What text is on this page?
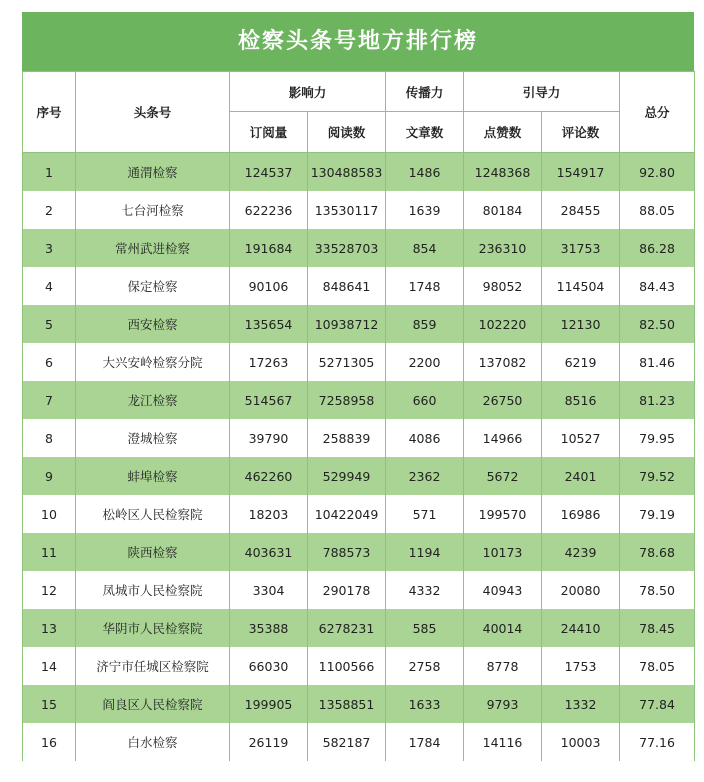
检察头条号地方排行榜
序号	头条号	影响力		传播力	引导力		总分
		订阅量	阅读数	文章数	点赞数	评论数	
1	通渭检察	124537	130488583	1486	1248368	154917	92.80
2	七台河检察	622236	13530117	1639	80184	28455	88.05
3	常州武进检察	191684	33528703	854	236310	31753	86.28
4	保定检察	90106	848641	1748	98052	114504	84.43
5	西安检察	135654	10938712	859	102220	12130	82.50
6	大兴安岭检察分院	17263	5271305	2200	137082	6219	81.46
7	龙江检察	514567	7258958	660	26750	8516	81.23
8	澄城检察	39790	258839	4086	14966	10527	79.95
9	蚌埠检察	462260	529949	2362	5672	2401	79.52
10	松岭区人民检察院	18203	10422049	571	199570	16986	79.19
11	陕西检察	403631	788573	1194	10173	4239	78.68
12	凤城市人民检察院	3304	290178	4332	40943	20080	78.50
13	华阴市人民检察院	35388	6278231	585	40014	24410	78.45
14	济宁市任城区检察院	66030	1100566	2758	8778	1753	78.05
15	阎良区人民检察院	199905	1358851	1633	9793	1332	77.84
16	白水检察	26119	582187	1784	14116	10003	77.16
